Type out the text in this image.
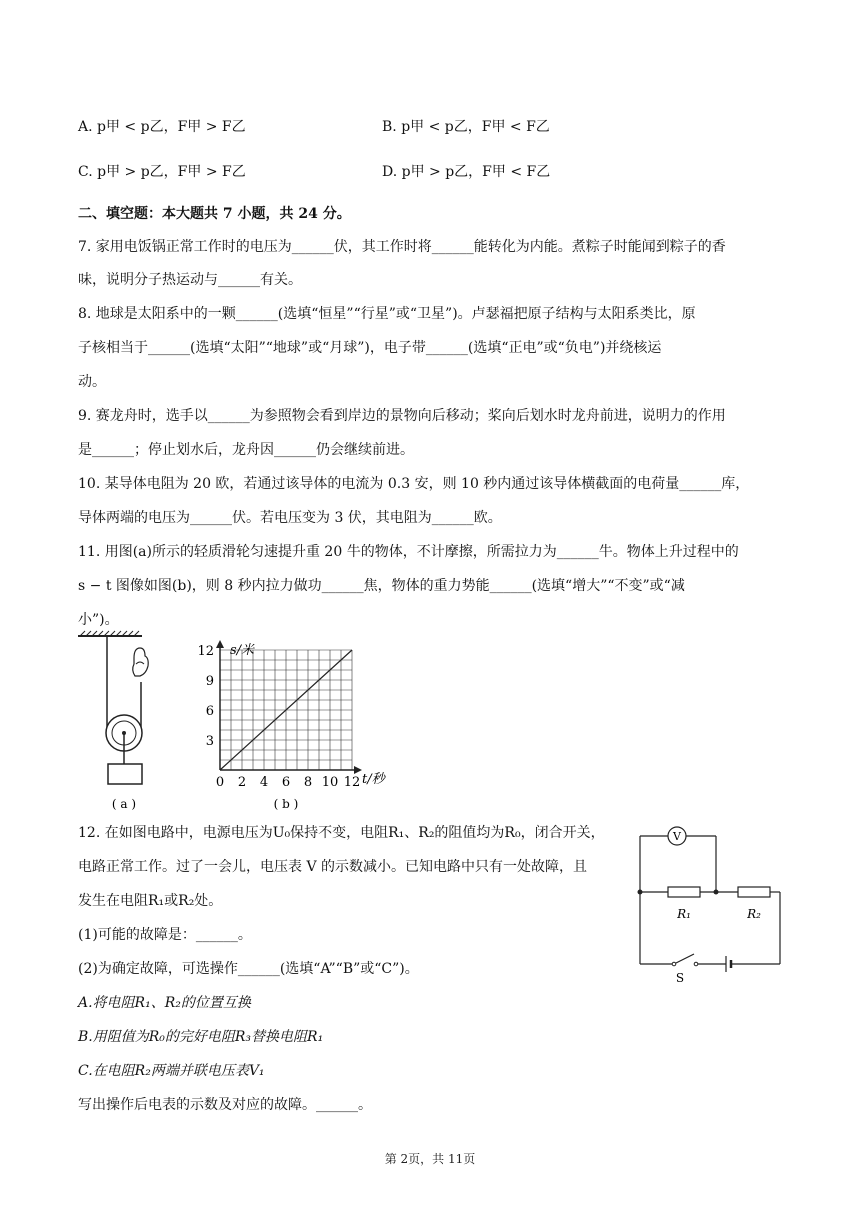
A. p甲 < p乙，F甲 > F乙	B. p甲 < p乙，F甲 < F乙
C. p甲 > p乙，F甲 > F乙	D. p甲 > p乙，F甲 < F乙
二、填空题：本大题共 7 小题，共 24 分。
7. 家用电饭锅正常工作时的电压为______伏，其工作时将______能转化为内能。煮粽子时能闻到粽子的香
味，说明分子热运动与______有关。
8. 地球是太阳系中的一颗______(选填“恒星”“行星”或“卫星”)。卢瑟福把原子结构与太阳系类比，原
子核相当于______(选填“太阳”“地球”或“月球”)，电子带______(选填“正电”或“负电”)并绕核运
动。
9. 赛龙舟时，选手以______为参照物会看到岸边的景物向后移动；桨向后划水时龙舟前进，说明力的作用
是______；停止划水后，龙舟因______仍会继续前进。
10. 某导体电阻为 20 欧，若通过该导体的电流为 0.3 安，则 10 秒内通过该导体横截面的电荷量______库，
导体两端的电压为______伏。若电压变为 3 伏，其电阻为______欧。
11. 用图(a)所示的轻质滑轮匀速提升重 20 牛的物体，不计摩擦，所需拉力为______牛。物体上升过程中的
s − t 图像如图(b)，则 8 秒内拉力做功______焦，物体的重力势能______(选填“增大”“不变”或“减
小”)。
( a )
s/米
t/秒
12
9
6
3
0 2 4 6 8 10 12
( b )
12. 在如图电路中，电源电压为U₀保持不变，电阻R₁、R₂的阻值均为R₀，闭合开关，
电路正常工作。过了一会儿，电压表 V 的示数减小。已知电路中只有一处故障，且
发生在电阻R₁或R₂处。
(1)可能的故障是：______。
(2)为确定故障，可选操作______(选填“A”“B”或“C”)。
A.将电阻R₁、R₂的位置互换
B.用阻值为R₀的完好电阻R₃替换电阻R₁
C.在电阻R₂两端并联电压表V₁
写出操作后电表的示数及对应的故障。______。
V
R₁	R₂
S
第 2页，共 11页
